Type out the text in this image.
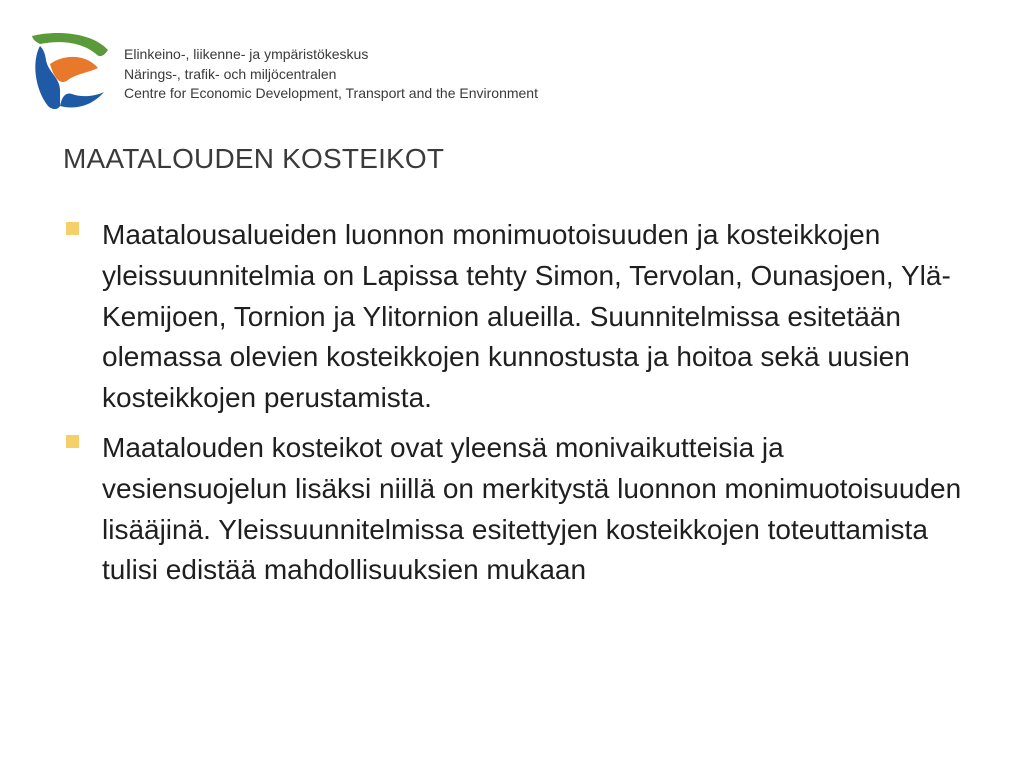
Elinkeino-, liikenne- ja ympäristökeskus
Närings-, trafik- och miljöcentralen
Centre for Economic Development, Transport and the Environment
MAATALOUDEN KOSTEIKOT
Maatalousalueiden luonnon monimuotoisuuden ja kosteikkojen yleissuunnitelmia on Lapissa tehty Simon, Tervolan, Ounasjoen, Ylä-Kemijoen, Tornion ja Ylitornion alueilla. Suunnitelmissa esitetään olemassa olevien kosteikkojen kunnostusta ja hoitoa sekä uusien kosteikkojen perustamista.
Maatalouden kosteikot ovat yleensä monivaikutteisia ja vesiensuojelun lisäksi niillä on merkitystä luonnon monimuotoisuuden lisääjinä. Yleissuunnitelmissa esitettyjen kosteikkojen toteuttamista tulisi edistää mahdollisuuksien mukaan
